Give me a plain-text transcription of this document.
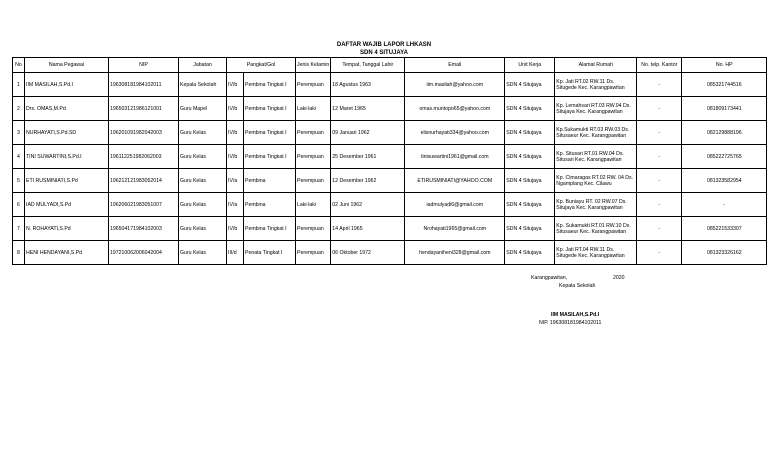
DAFTAR WAJIB LAPOR LHKASN
SDN 4 SITUJAYA
No	Nama Pegawai	NIP	Jabatan	Pangkat/Gol		Jenis Kelamin	Tempat, Tanggal Lahir	Email	Unit Kerja	Alamat Rumah	No. telp. Kantor	No. HP
1	IIM MASILAH,S.Pd.I	196308181984102011	Kepala Sekolah	IV/b	Pembina Tingkat I	Perempuan	18 Agustus 1963	iim.masilah@yahoo.com	SDN 4 Situjaya	Kp. Jati RT.02 RW.11 Ds. Situgede Kec. Karangpawitan	-	085321744516
2	Drs. OMAS,M.Pd	196503121986121001	Guru Mapel	IV/b	Pembina Tingkat I	Laki-laki	12 Maret 1965	omas.muntopo65@yahoo.com	SDN 4 Situjaya	Kp. Lemahsari RT.03 RW.04 Ds. Situjaya Kec. Karangpawitan	-	081809173441
3	NURHAYATI,S.Pd.SD	196201091982042003	Guru Kelas	IV/b	Pembina Tingkat I	Perempuan	09 Januari 1962	elisnurhayati334@yahoo.com	SDN 4 Situjaya	Kp.Sukamukti RT.03 RW.03 Ds. Situsaeur Kec. Karangpawitan	-	082129888196
4	TINI SUWARTINI,S.Pd.I	196112251982062003	Guru Kelas	IV/b	Pembina Tingkat I	Perempuan	25 Desember 1961	tinisuwartini1961@gmail.com	SDN 4 Situjaya	Kp. Situsari RT.01 RW.04 Ds. Situsari Kec. Karangpawitan	-	085222725765
5	ETI RUSMINIATI,S.Pd	196212121983052014	Guru Kelas	IV/a	Pembina	Perempuan	12 Desember 1962	ETIRUSMINIATI@YAHOO.COM	SDN 4 Situjaya	Kp. Cimaragas RT.02 RW. 04 Ds. Ngamplang Kec. Cilawu	-	081323582954
6	IAD MULYADI,S.Pd	196206021983051007	Guru Kelas	IV/a	Pembina	Laki-laki	02 Juni 1962	iadmulyadi6@gmail.com	SDN 4 Situjaya	Kp. Buniayu RT. 02 RW.07 Ds. Situjaya Kec. Karangpawitan	-	-
7	N. ROHAYATI,S.Pd	196504171984102003	Guru Kelas	IV/b	Pembina Tingkat I	Perempuan	14 April 1965	Nrohayati1965@gmail.com	SDN 4 Situjaya	Kp. Sukamukti RT.01 RW.10 Ds. Situsaeur Kec. Karangpawitan	-	085221533307
8	HENI HENDAYANI,S.Pd	197210062006042004	Guru Kelas	III/d	Penata Tingkat I	Perempuan	06 Oktober 1972	hendayaniheni328@gmail.com	SDN 4 Situjaya	Kp. Jati RT.04 RW.11 Ds. Situgede Kec. Karangpawitan	-	081323326162
Karangpawitan,	2020
Kepala Sekolah
IIM MASILAH,S.Pd.I
NIP. 196308181984102011
